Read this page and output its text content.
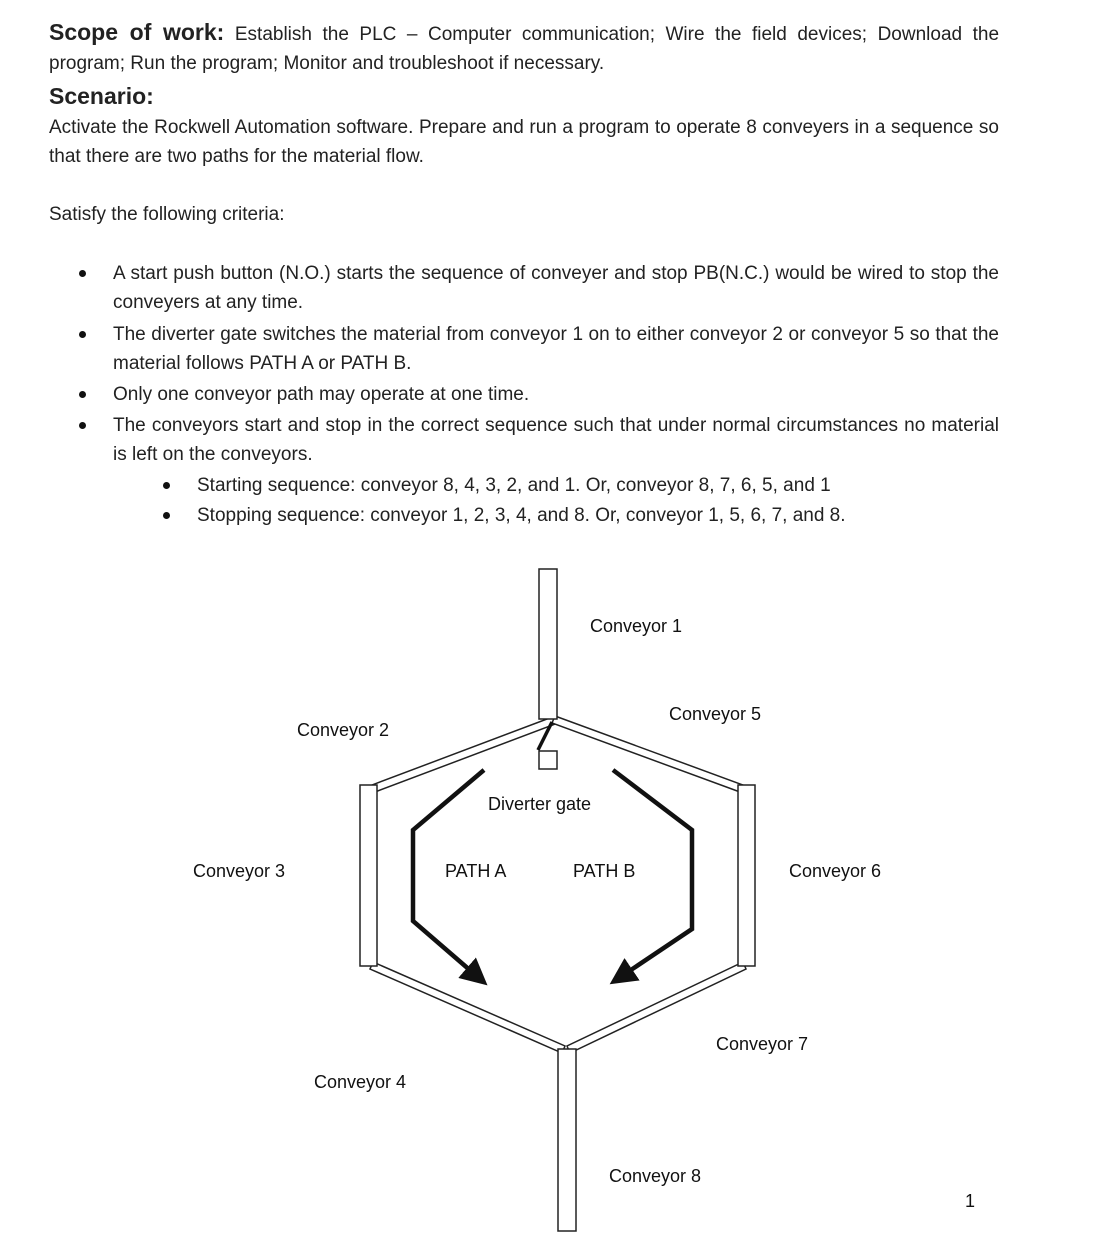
Scope of work: Establish the PLC – Computer communication; Wire the field devices; Download the program; Run the program; Monitor and troubleshoot if necessary.
Scenario:
Activate the Rockwell Automation software. Prepare and run a program to operate 8 conveyers in a sequence so that there are two paths for the material flow.
Satisfy the following criteria:
A start push button (N.O.) starts the sequence of conveyer and stop PB(N.C.) would be wired to stop the conveyers at any time.
The diverter gate switches the material from conveyor 1 on to either conveyor 2 or conveyor 5 so that the material follows PATH A or PATH B.
Only one conveyor path may operate at one time.
The conveyors start and stop in the correct sequence such that under normal circumstances no material is left on the conveyors.
Starting sequence: conveyor 8, 4, 3, 2, and 1. Or, conveyor 8, 7, 6, 5, and 1
Stopping sequence: conveyor 1, 2, 3, 4, and 8. Or, conveyor 1, 5, 6, 7, and 8.
Conveyor 1
Conveyor 2
Conveyor 3
Conveyor 4
Conveyor 5
Conveyor 6
Conveyor 7
Conveyor 8
Diverter gate
PATH A	PATH B
1
